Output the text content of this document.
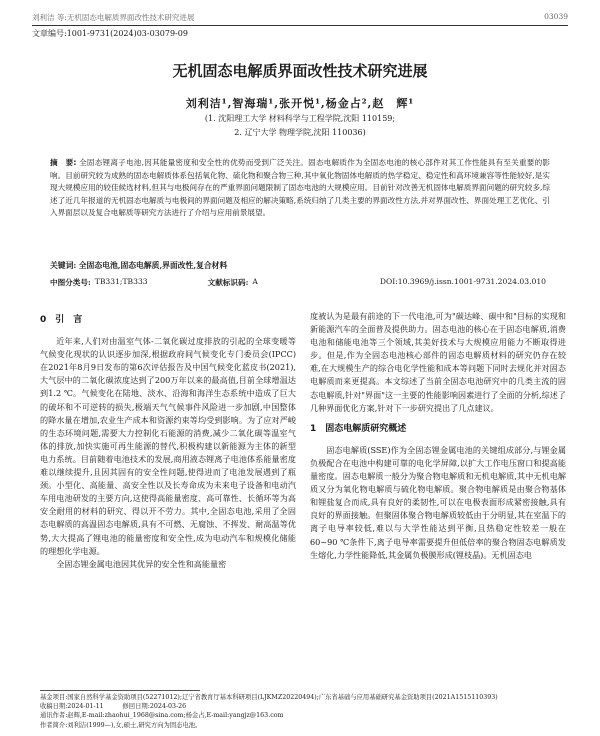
刘利洁 等:无机固态电解质界面改性技术研究进展	03039
文章编号:1001-9731(2024)03-03079-09
无机固态电解质界面改性技术研究进展
刘利洁¹,智海瑞¹,张开悦¹,杨金占²,赵　辉¹
(1. 沈阳理工大学 材料科学与工程学院,沈阳 110159;
2. 辽宁大学 物理学院,沈阳 110036)
摘　要: 全固态锂离子电池,因其能量密度和安全性的优势而受到广泛关注。固态电解质作为全固态电池的核心部件对其工作性能具有至关重要的影响。目前研究较为成熟的固态电解质体系包括氧化物、硫化物和聚合物三种,其中氧化物固体电解质的热学稳定、稳定性和高环境兼容等性能较好,是实现大规模应用的较佳候选材料,但其与电极间存在的严重界面问题限制了固态电池的大规模应用。目前针对改善无机固体电解质界面问题的研究较多,综述了近几年报道的无机固态电解质与电极间的界面问题及相应的解决策略,系统归纳了几类主要的界面改性方法,并对界面改性、界面处理工艺优化、引入界面层以及复合电解质等研究方法进行了介绍与应用前景展望。
关键词: 全固态电池,固态电解质,界面改性,复合材料
中图分类号: TB331;TB333	文献标识码: A	DOI:10.3969/j.issn.1001-9731.2024.03.010
0　引　言

近年来,人们对由温室气体-二氧化碳过度排放的引起的全球变暖等气候变化现状的认识逐步加深,根据政府间气候变化专门委员会(IPCC)在2021年8月9日发布的第6次评估报告及中国气候变化蓝皮书(2021),大气层中的二氧化碳浓度达到了200万年以来的最高值,目前全球增温达到1.2 ℃。气候变化在陆地、淡水、沿海和海洋生态系统中造成了巨大的破坏和不可逆转的损失,极端天气气候事件风险进一步加剧,中国整体的降水量在增加,农业生产成本和资源约束等均受到影响。为了应对严峻的生态环境问题,需要大力控制化石能源的消费,减少二氧化碳等温室气体的排放,加快实施可再生能源的替代,积极构建以新能源为主体的新型电力系统。目前随着电池技术的发展,商用液态锂离子电池体系能量密度难以继续提升,且因其固有的安全性问题,使得进而了电池发展遇到了瓶颈。小型化、高能量、高安全性以及长寿命成为未来电子设备和电动汽车用电池研发的主要方向,这使得高能量密度、高可靠性、长循环等为高安全耐用的材料的研究、得以开不劳力。其中,全固态电池,采用了全固态电解质的高温固态电解质,具有不可燃、无腐蚀、不挥发、耐高温等优势,大大提高了锂电池的能量密度和安全性,成为电动汽车和规模化储能的理想化学电源。

全固态锂金属电池因其优异的安全性和高能量密

度被认为是最有前途的下一代电池,可为"碳达峰、碳中和"目标的实现和新能源汽车的全面普及提供助力。固态电池的核心在于固态电解质,消费电池和储能电池等三个领域,其美好技术与大规模应用能力不断取得进步。但是,作为全固态电池核心部件的固态电解质材料的研究仍存在较难,在大规模生产的综合电化学性能和成本等问题下同时去规化并对固态电解质而来更提高。本文综述了当前全固态电池研究中的几类主流的固态电解质,针对"界面"这一主要的性能影响因素进行了全面的分析,综述了几种界面优化方案,针对下一步研究提出了几点建议。

1　固态电解质研究概述

固态电解质(SSE)作为全固态锂金属电池的关键组成部分,与锂金属负极配合在电池中构建可靠的电化学屏障,以扩大工作电压窗口和提高能量密度。固态电解质一般分为聚合物电解质和无机电解质,其中无机电解质又分为氧化物电解质与硫化物电解质。聚合物电解质是由聚合物基体和锂盐复合而成,具有良好的柔韧性,可以在电极表面形成紧密接触,具有良好的界面接触。但聚固体聚合物电解质较低由于分明显,其在室温下的离子电导率较低,难以与大学性能达到平衡,且热稳定性较差一般在60~90 ℃条件下,离子电导率需要提升但低倍率的聚合物固态电解质发生熔化,力学性能降低,其金属负极膜形成(锂枝晶)。无机固态电

基金项目:国家自然科学基金资助项目(52271012);辽宁省教育厅基本科研项目(LJKMZ20220494);广东省基础与应用基础研究基金资助项目(2021A1515110393)
收稿日期:2024-01-11　　　修回日期:2024-03-26
通讯作者:赵辉,E-mail:zhaohui_1968@sina.com;杨金占,E-mail:yangjz@163.com
作者简介:刘利洁(1999—),女,硕士,研究方向为固态电池。
